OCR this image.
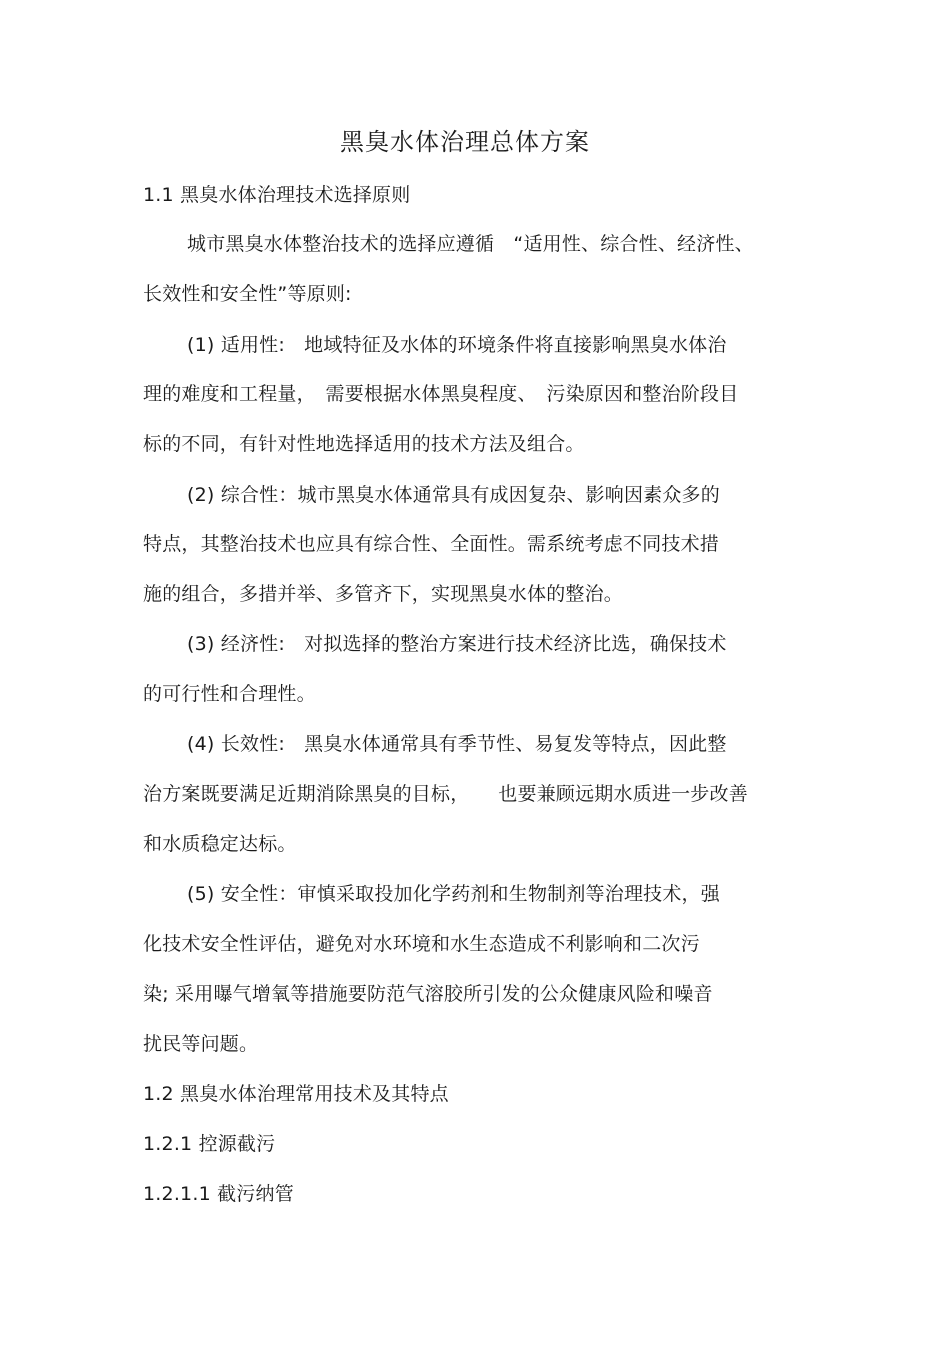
黑臭水体治理总体方案
1.1 黑臭水体治理技术选择原则
城市黑臭水体整治技术的选择应遵循　“适用性、综合性、经济性、
长效性和安全性”等原则:
(1) 适用性:　地域特征及水体的环境条件将直接影响黑臭水体治
理的难度和工程量，　需要根据水体黑臭程度、　污染原因和整治阶段目
标的不同，有针对性地选择适用的技术方法及组合。
(2) 综合性：城市黑臭水体通常具有成因复杂、影响因素众多的
特点，其整治技术也应具有综合性、全面性。需系统考虑不同技术措
施的组合，多措并举、多管齐下，实现黑臭水体的整治。
(3) 经济性:　对拟选择的整治方案进行技术经济比选，确保技术
的可行性和合理性。
(4) 长效性:　黑臭水体通常具有季节性、易复发等特点，因此整
治方案既要满足近期消除黑臭的目标，　　也要兼顾远期水质进一步改善
和水质稳定达标。
(5) 安全性：审慎采取投加化学药剂和生物制剂等治理技术，强
化技术安全性评估，避免对水环境和水生态造成不利影响和二次污
染; 采用曝气增氧等措施要防范气溶胶所引发的公众健康风险和噪音
扰民等问题。
1.2 黑臭水体治理常用技术及其特点
1.2.1 控源截污
1.2.1.1 截污纳管
